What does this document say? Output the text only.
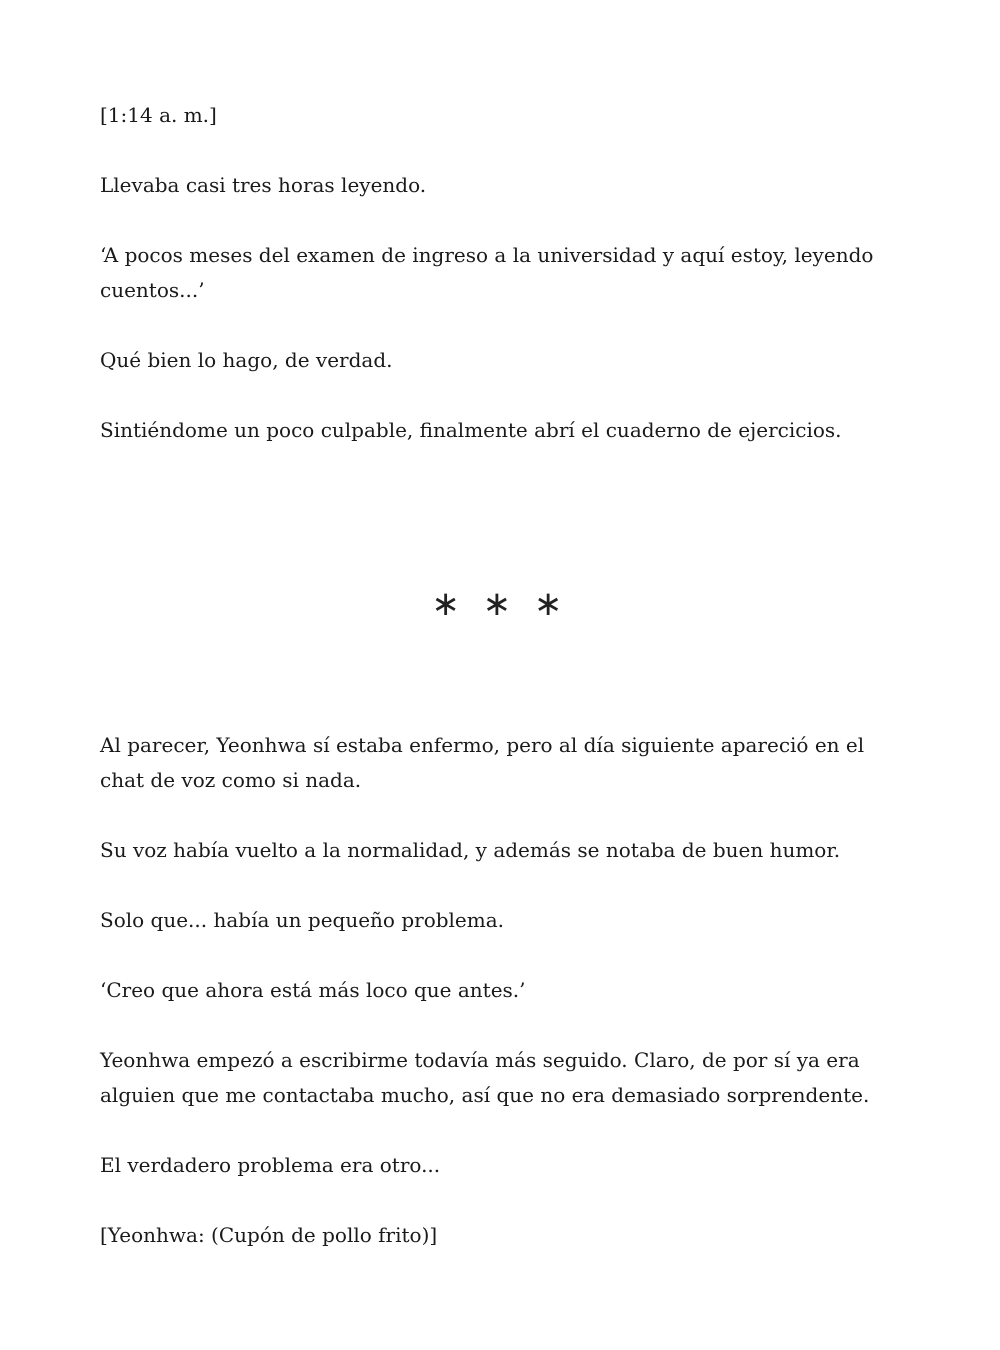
[1:14 a. m.]

Llevaba casi tres horas leyendo.

‘A pocos meses del examen de ingreso a la universidad y aquí estoy, leyendo cuentos...’

Qué bien lo hago, de verdad.

Sintiéndome un poco culpable, finalmente abrí el cuaderno de ejercicios.

∗ ∗ ∗

Al parecer, Yeonhwa sí estaba enfermo, pero al día siguiente apareció en el chat de voz como si nada.

Su voz había vuelto a la normalidad, y además se notaba de buen humor.

Solo que... había un pequeño problema.

‘Creo que ahora está más loco que antes.’

Yeonhwa empezó a escribirme todavía más seguido. Claro, de por sí ya era alguien que me contactaba mucho, así que no era demasiado sorprendente.

El verdadero problema era otro...

[Yeonhwa: (Cupón de pollo frito)]
